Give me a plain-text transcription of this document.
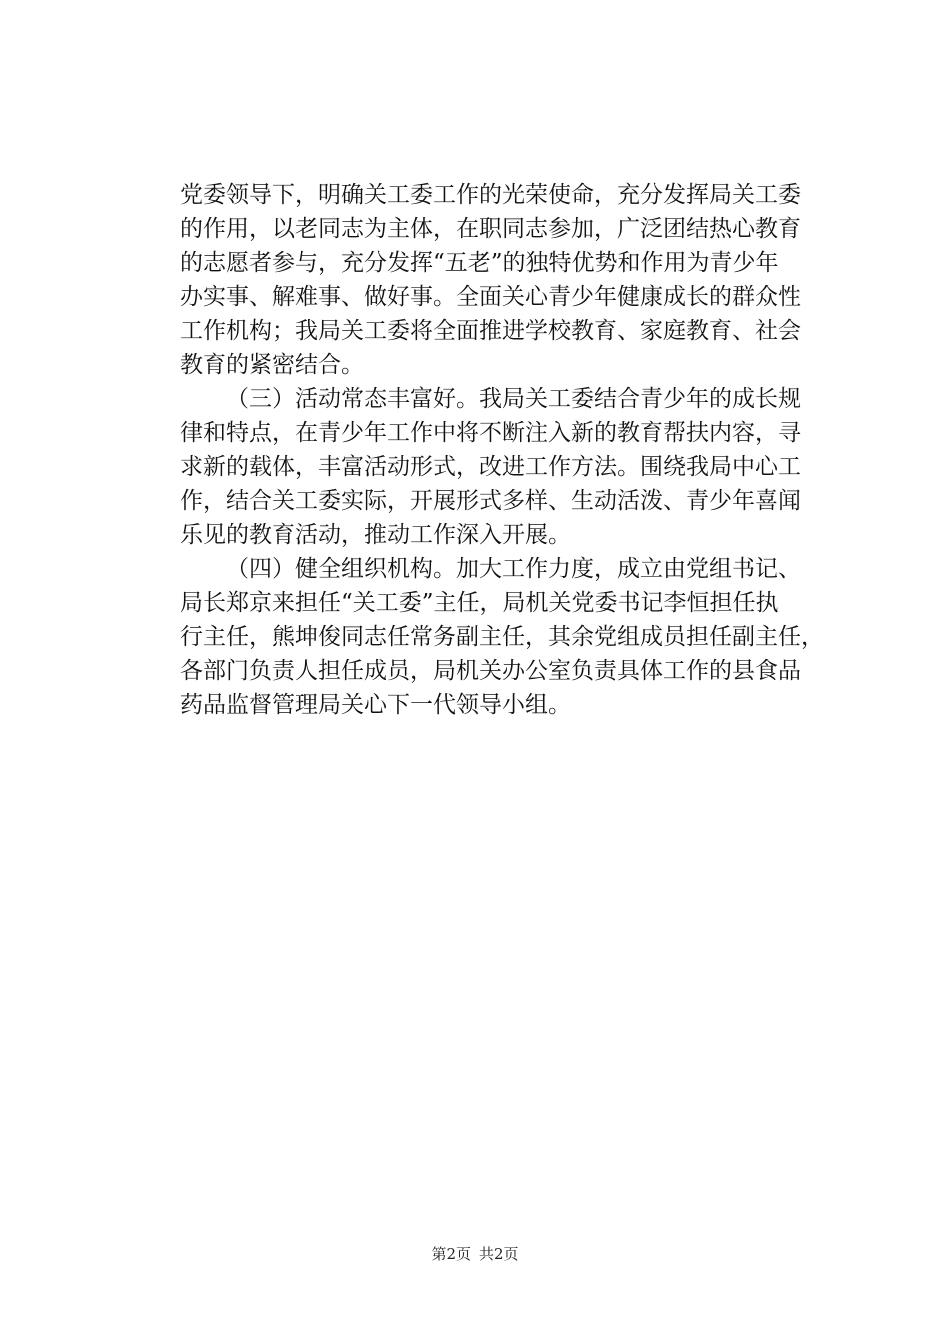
党委领导下，明确关工委工作的光荣使命，充分发挥局关工委
的作用，以老同志为主体，在职同志参加，广泛团结热心教育
的志愿者参与，充分发挥“五老”的独特优势和作用为青少年
办实事、解难事、做好事。全面关心青少年健康成长的群众性
工作机构；我局关工委将全面推进学校教育、家庭教育、社会
教育的紧密结合。
（三）活动常态丰富好。我局关工委结合青少年的成长规
律和特点，在青少年工作中将不断注入新的教育帮扶内容，寻
求新的载体，丰富活动形式，改进工作方法。围绕我局中心工
作，结合关工委实际，开展形式多样、生动活泼、青少年喜闻
乐见的教育活动，推动工作深入开展。
（四）健全组织机构。加大工作力度，成立由党组书记、
局长郑京来担任“关工委”主任，局机关党委书记李恒担任执
行主任，熊坤俊同志任常务副主任，其余党组成员担任副主任，
各部门负责人担任成员，局机关办公室负责具体工作的县食品
药品监督管理局关心下一代领导小组。
第2页 共2页
